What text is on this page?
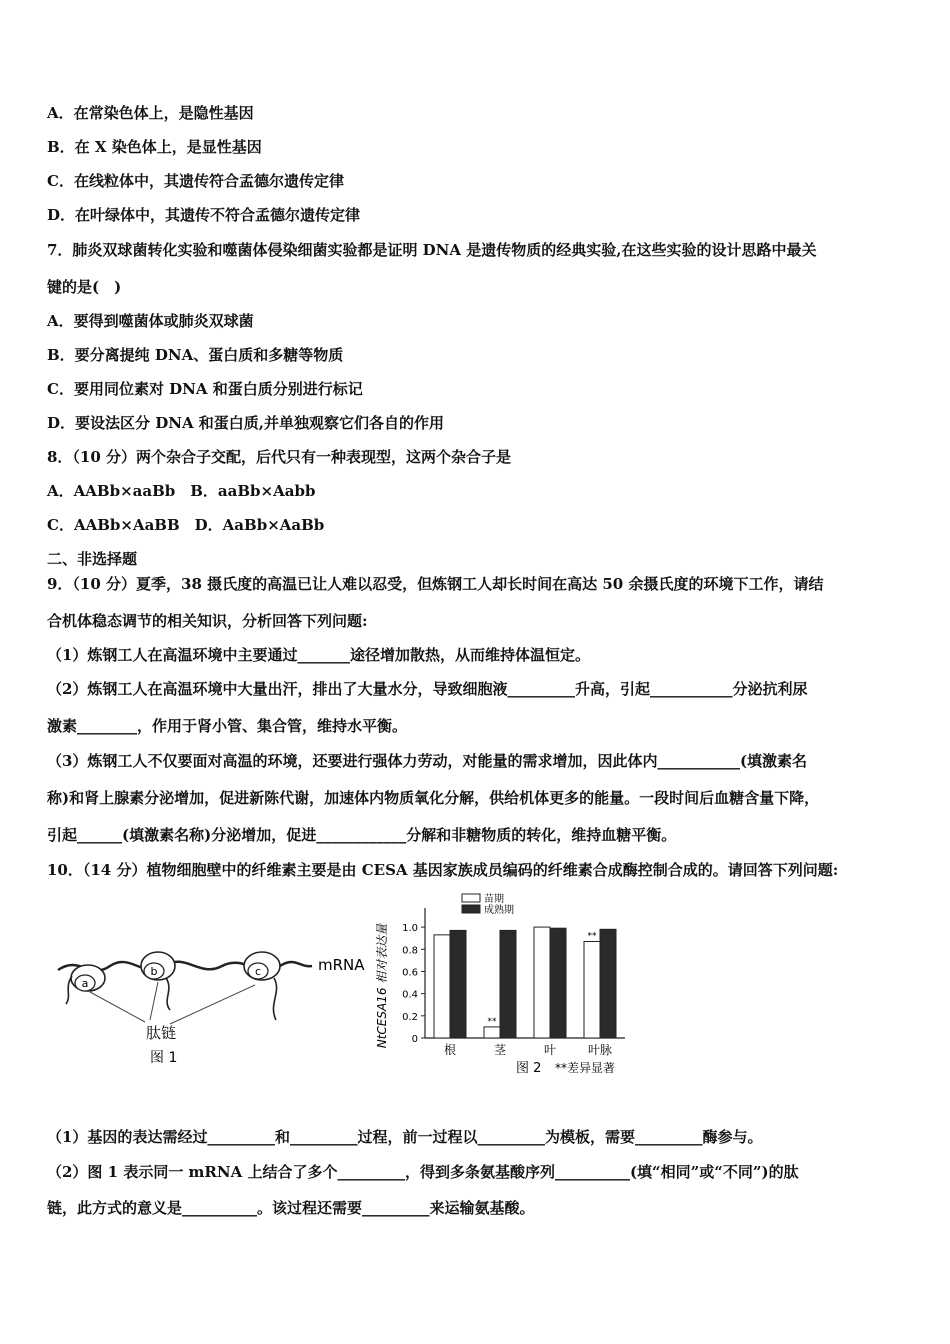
A．在常染色体上，是隐性基因
B．在 X 染色体上，是显性基因
C．在线粒体中，其遗传符合孟德尔遗传定律
D．在叶绿体中，其遗传不符合孟德尔遗传定律
7．肺炎双球菌转化实验和噬菌体侵染细菌实验都是证明 DNA 是遗传物质的经典实验,在这些实验的设计思路中最关
键的是(　)
A．要得到噬菌体或肺炎双球菌
B．要分离提纯 DNA、蛋白质和多糖等物质
C．要用同位素对 DNA 和蛋白质分别进行标记
D．要设法区分 DNA 和蛋白质,并单独观察它们各自的作用
8．（10 分）两个杂合子交配，后代只有一种表现型，这两个杂合子是
A．AABb×aaBb　B．aaBb×Aabb
C．AABb×AaBB　D．AaBb×AaBb
二、非选择题
9．（10 分）夏季，38 摄氏度的高温已让人难以忍受，但炼钢工人却长时间在高达 50 余摄氏度的环境下工作，请结
合机体稳态调节的相关知识，分析回答下列问题:
（1）炼钢工人在高温环境中主要通过_______途径增加散热，从而维持体温恒定。
（2）炼钢工人在高温环境中大量出汗，排出了大量水分，导致细胞液_________升高，引起___________分泌抗利尿
激素________，作用于肾小管、集合管，维持水平衡。
（3）炼钢工人不仅要面对高温的环境，还要进行强体力劳动，对能量的需求增加，因此体内___________(填激素名
称)和肾上腺素分泌增加，促进新陈代谢，加速体内物质氧化分解，供给机体更多的能量。一段时间后血糖含量下降，
引起______(填激素名称)分泌增加，促进____________分解和非糖物质的转化，维持血糖平衡。
10．（14 分）植物细胞壁中的纤维素主要是由 CESA 基因家族成员编码的纤维素合成酶控制合成的。请回答下列问题:
（1）基因的表达需经过_________和_________过程，前一过程以_________为模板，需要_________酶参与。
（2）图 1 表示同一 mRNA 上结合了多个_________，得到多条氨基酸序列__________(填“相同”或“不同”)的肽
链，此方式的意义是__________。该过程还需要_________来运输氨基酸。
a
b	c	mRNA
肽链
图 1
NtCESA16 相对表达量 0
0.2
0.4
0.6
0.8
1.0
根
**
茎	叶
**
叶脉
苗期
成熟期
图 2 **差异显著
